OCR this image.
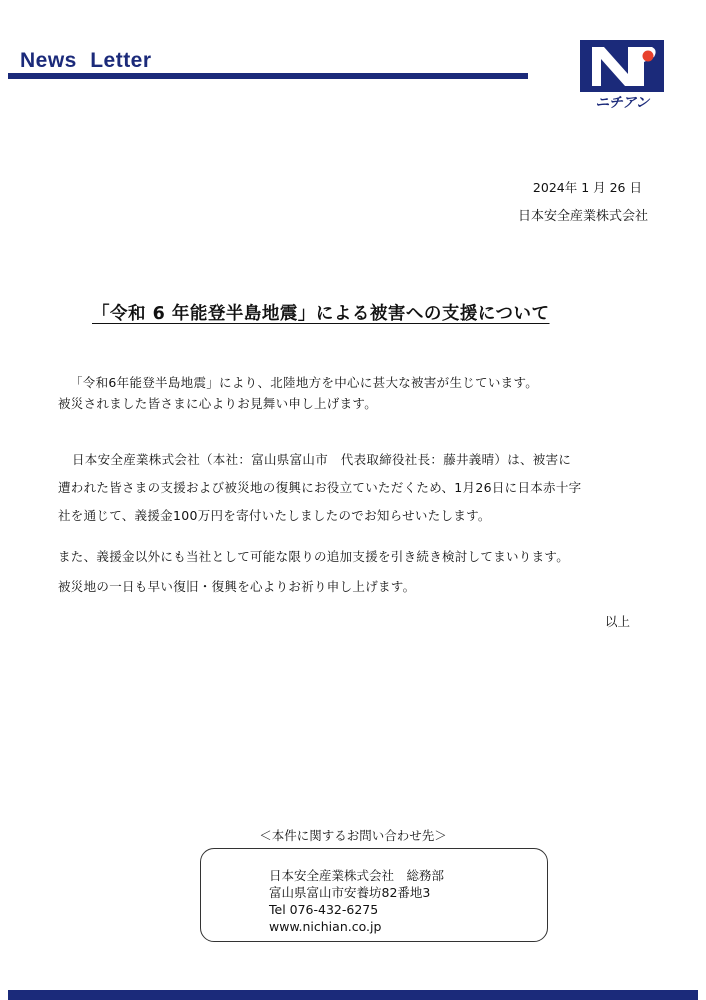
News Letter
ニチアン
2024年 1 月 26 日
日本安全産業株式会社
「令和 6 年能登半島地震」による被害への支援について

「令和6年能登半島地震」により、北陸地方を中心に甚大な被害が生じています。

被災されました皆さまに心よりお見舞い申し上げます。

日本安全産業株式会社（本社：富山県富山市　代表取締役社長：藤井義晴）は、被害に

遭われた皆さまの支援および被災地の復興にお役立ていただくため、1月26日に日本赤十字

社を通じて、義援金100万円を寄付いたしましたのでお知らせいたします。

また、義援金以外にも当社として可能な限りの追加支援を引き続き検討してまいります。

被災地の一日も早い復旧・復興を心よりお祈り申し上げます。

以上
＜本件に関するお問い合わせ先＞
日本安全産業株式会社　総務部
富山県富山市安養坊82番地3
Tel 076-432-6275
www.nichian.co.jp
